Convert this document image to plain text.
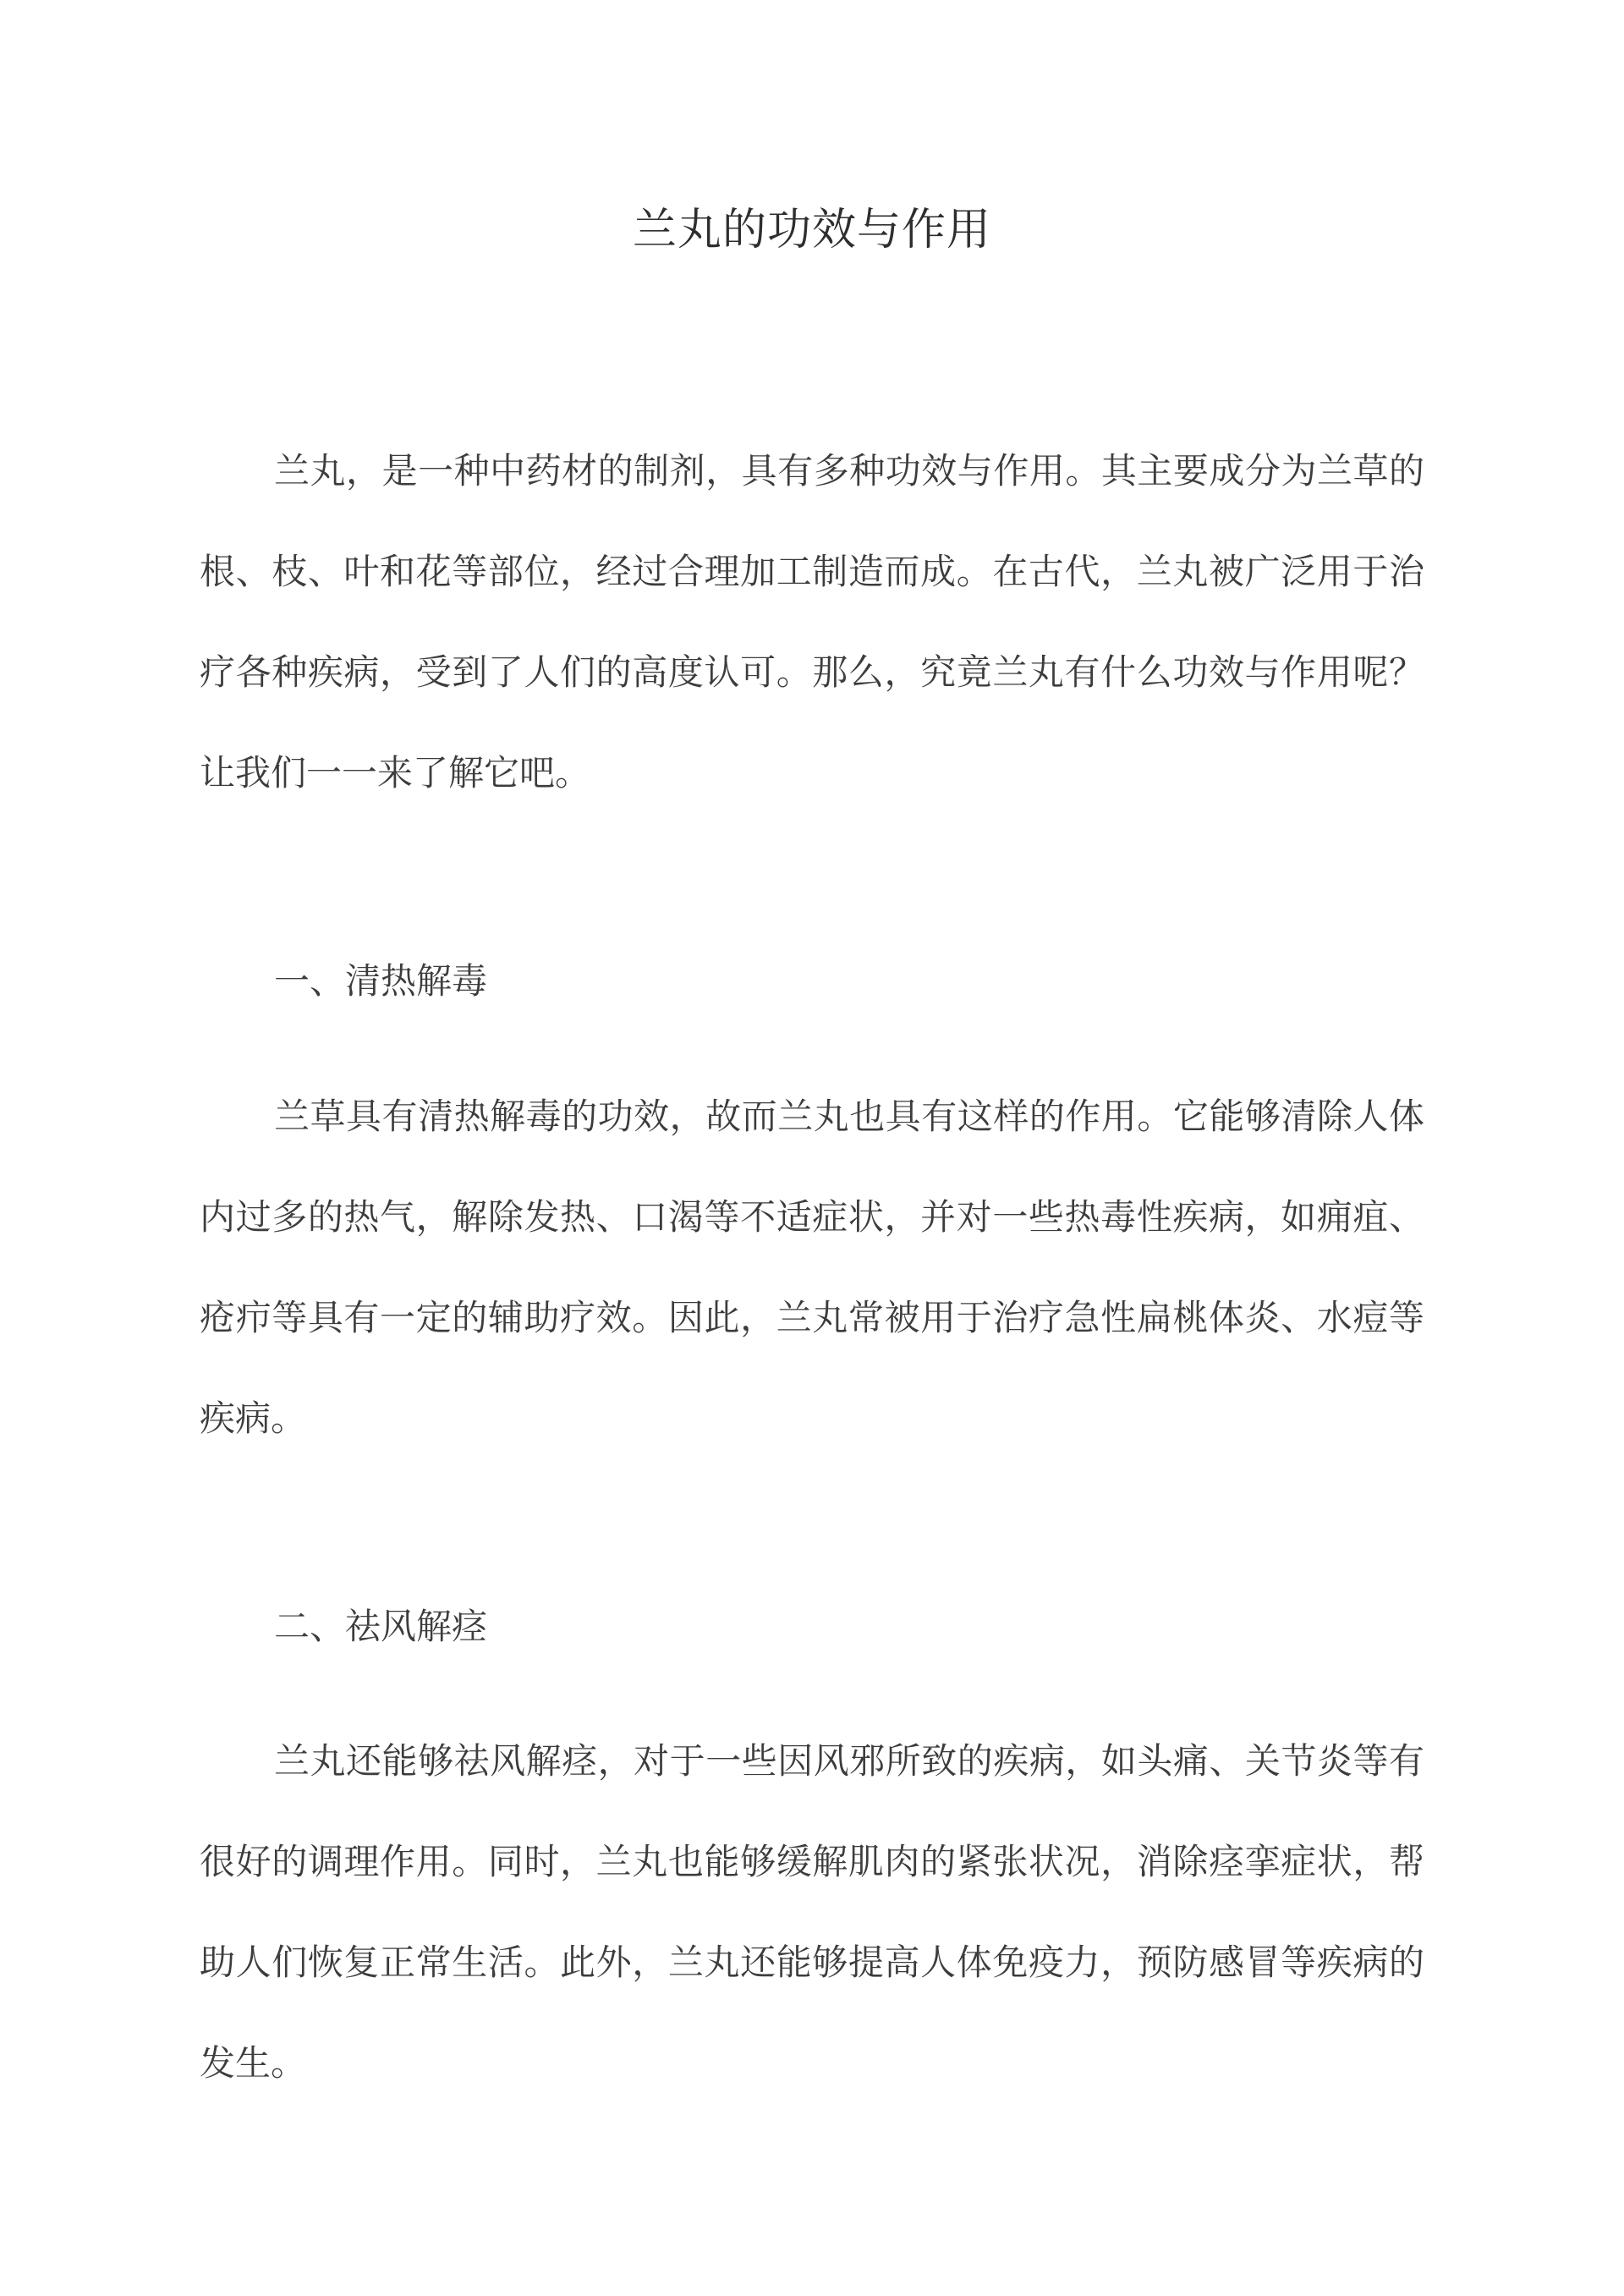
兰丸的功效与作用

兰丸，是一种中药材的制剂，具有多种功效与作用。其主要成分为兰草的根、枝、叶和花等部位，经过合理加工制造而成。在古代，兰丸被广泛用于治疗各种疾病，受到了人们的高度认可。那么，究竟兰丸有什么功效与作用呢？让我们一一来了解它吧。

一、清热解毒

兰草具有清热解毒的功效，故而兰丸也具有这样的作用。它能够清除人体内过多的热气，解除发热、口渴等不适症状，并对一些热毒性疾病，如痈疽、疮疖等具有一定的辅助疗效。因此，兰丸常被用于治疗急性扁桃体炎、水痘等疾病。

二、祛风解痉

兰丸还能够祛风解痉，对于一些因风邪所致的疾病，如头痛、关节炎等有很好的调理作用。同时，兰丸也能够缓解肌肉的紧张状况，消除痉挛症状，帮助人们恢复正常生活。此外，兰丸还能够提高人体免疫力，预防感冒等疾病的发生。
